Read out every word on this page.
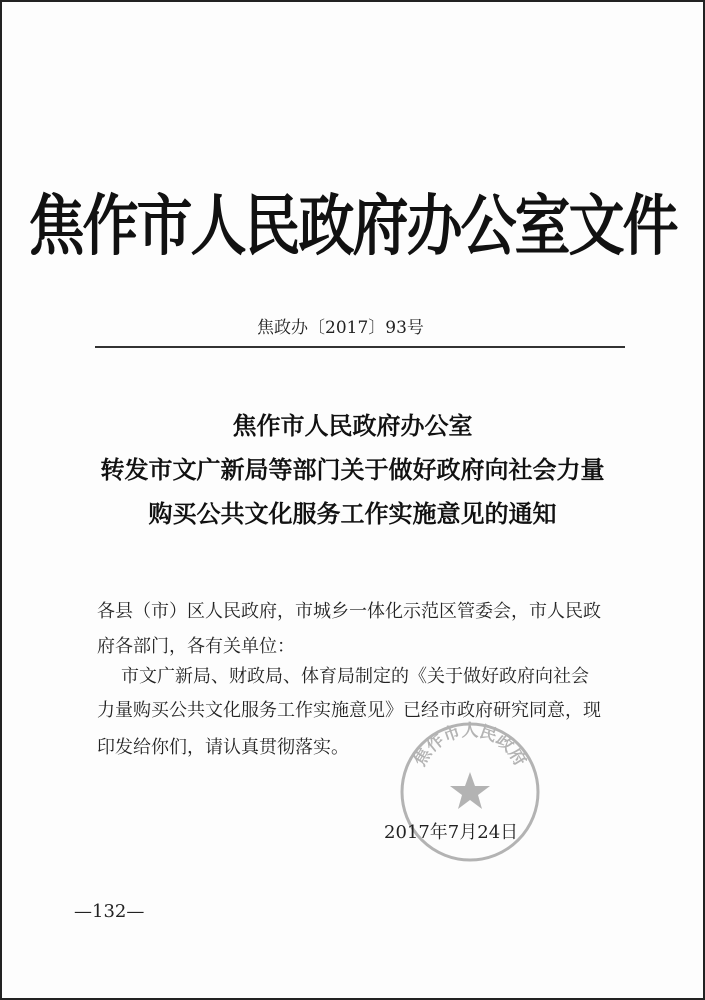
焦作市人民政府办公室文件
焦政办〔2017〕93号
焦作市人民政府办公室
转发市文广新局等部门关于做好政府向社会力量
购买公共文化服务工作实施意见的通知
各县（市）区人民政府，市城乡一体化示范区管委会，市人民政
府各部门，各有关单位：
市文广新局、财政局、体育局制定的《关于做好政府向社会
力量购买公共文化服务工作实施意见》已经市政府研究同意，现
印发给你们，请认真贯彻落实。	焦作市人民政府
2017年7月24日
—132—
